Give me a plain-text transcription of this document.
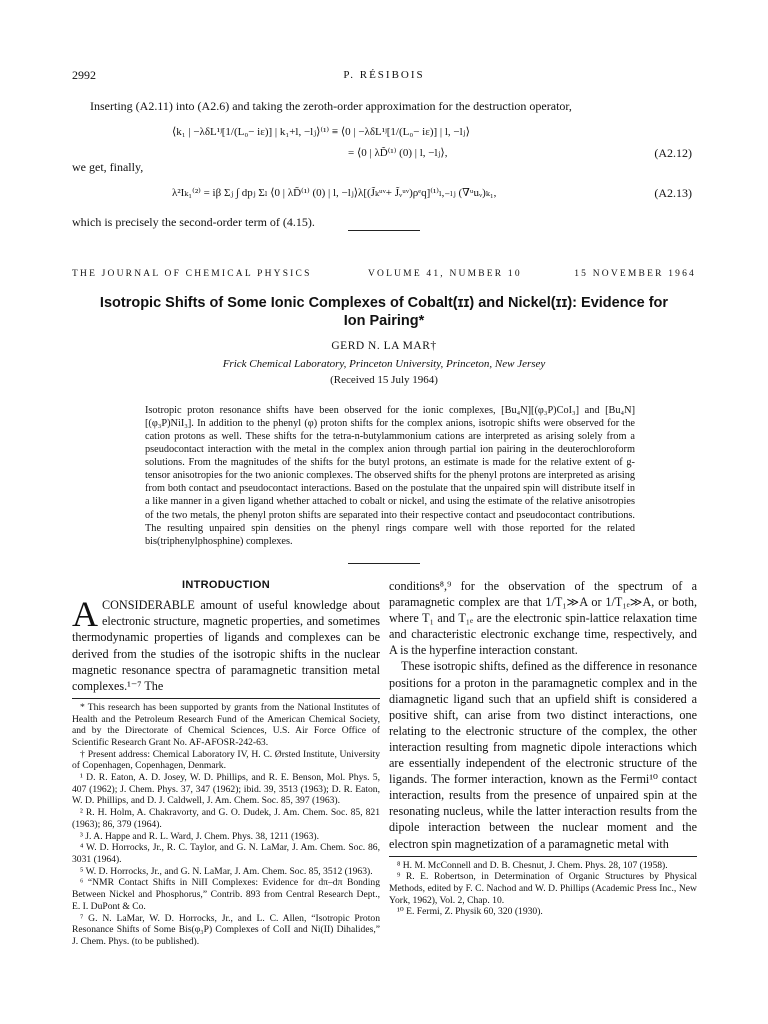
2992	P. RÉSIBOIS
Inserting (A2.11) into (A2.6) and taking the zeroth-order approximation for the destruction operator,
⟨k₁ | −λδL¹ʲ[1/(L₀− iε)] | k₁+l, −lⱼ⟩⁽¹⁾ ≡ ⟨0 | −λδL¹ʲ[1/(L₀− iε)] | l, −lⱼ⟩
= ⟨0 | λD̃⁽¹⁾ (0) | l, −lⱼ⟩,	(A2.12)
we get, finally,
λ²Iₖ₁⁽²⁾ = iβ Σⱼ ∫ dpⱼ Σₗ ⟨0 | λD̃⁽¹⁾ (0) | l, −lⱼ⟩λ[(J̃ₖᵘᵛ+ J̃ᵥᵘᵛ)ρᵉq]⁽¹⁾ₗ,₋ₗⱼ (∇ᵘuᵥ)ₖ₁,	(A2.13)
which is precisely the second-order term of (4.15).
THE JOURNAL OF CHEMICAL PHYSICS	VOLUME 41, NUMBER 10	15 NOVEMBER 1964
Isotropic Shifts of Some Ionic Complexes of Cobalt(ɪɪ) and Nickel(ɪɪ): Evidence for Ion Pairing*
GERD N. LA MAR†
Frick Chemical Laboratory, Princeton University, Princeton, New Jersey
(Received 15 July 1964)
Isotropic proton resonance shifts have been observed for the ionic complexes, [Bu₄N][(φ₃P)CoI₃] and [Bu₄N][(φ₃P)NiI₃]. In addition to the phenyl (φ) proton shifts for the complex anions, isotropic shifts were observed for the cation protons as well. These shifts for the tetra-n-butylammonium cations are interpreted as arising solely from a pseudocontact interaction with the metal in the complex anion through partial ion pairing in the deuterochloroform solutions. From the magnitudes of the shifts for the butyl protons, an estimate is made for the relative extent of g-tensor anisotropies for the two anionic complexes. The observed shifts for the phenyl protons are interpreted as arising from both contact and pseudocontact interactions. Based on the postulate that the unpaired spin will distribute itself in a like manner in a given ligand whether attached to cobalt or nickel, and using the estimate of the relative anisotropies of the two metals, the phenyl proton shifts are separated into their respective contact and pseudocontact contributions. The resulting unpaired spin densities on the phenyl rings compare well with those reported for the related bis(triphenylphosphine) complexes.
INTRODUCTION

ACONSIDERABLE amount of useful knowledge about electronic structure, magnetic properties, and sometimes thermodynamic properties of ligands and complexes can be derived from the studies of the isotropic shifts in the nuclear magnetic resonance spectra of paramagnetic transition metal complexes.¹⁻⁷ The

* This research has been supported by grants from the National Institutes of Health and the Petroleum Research Fund of the American Chemical Society, and by the Directorate of Chemical Sciences, U.S. Air Force Office of Scientific Research Grant No. AF-AFOSR-242-63.
† Present address: Chemical Laboratory IV, H. C. Ørsted Institute, University of Copenhagen, Copenhagen, Denmark.
¹ D. R. Eaton, A. D. Josey, W. D. Phillips, and R. E. Benson, Mol. Phys. 5, 407 (1962); J. Chem. Phys. 37, 347 (1962); ibid. 39, 3513 (1963); D. R. Eaton, W. D. Phillips, and D. J. Caldwell, J. Am. Chem. Soc. 85, 397 (1963).
² R. H. Holm, A. Chakravorty, and G. O. Dudek, J. Am. Chem. Soc. 85, 821 (1963); 86, 379 (1964).
³ J. A. Happe and R. L. Ward, J. Chem. Phys. 38, 1211 (1963).
⁴ W. D. Horrocks, Jr., R. C. Taylor, and G. N. LaMar, J. Am. Chem. Soc. 86, 3031 (1964).
⁵ W. D. Horrocks, Jr., and G. N. LaMar, J. Am. Chem. Soc. 85, 3512 (1963).
⁶ “NMR Contact Shifts in NiII Complexes: Evidence for dπ–dπ Bonding Between Nickel and Phosphorus,” Contrib. 893 from Central Research Dept., E. I. DuPont & Co.
⁷ G. N. LaMar, W. D. Horrocks, Jr., and L. C. Allen, “Isotropic Proton Resonance Shifts of Some Bis(φ₃P) Complexes of CoII and Ni(II) Dihalides,” J. Chem. Phys. (to be published).

conditions⁸,⁹ for the observation of the spectrum of a paramagnetic complex are that 1/T₁≫A or 1/T₁ₑ≫A, or both, where T₁ and T₁ₑ are the electronic spin-lattice relaxation time and characteristic electronic exchange time, respectively, and A is the hyperfine interaction constant.

These isotropic shifts, defined as the difference in resonance positions for a proton in the paramagnetic complex and in the diamagnetic ligand such that an upfield shift is considered a positive shift, can arise from two distinct interactions, one relating to the electronic structure of the complex, the other interaction resulting from magnetic dipole interactions which are essentially independent of the electronic structure of the ligands. The former interaction, known as the Fermi¹⁰ contact interaction, results from the presence of unpaired spin at the resonating nucleus, while the latter interaction results from the dipole interaction between the nuclear moment and the electron spin magnetization of a paramagnetic metal with

⁸ H. M. McConnell and D. B. Chesnut, J. Chem. Phys. 28, 107 (1958).
⁹ R. E. Robertson, in Determination of Organic Structures by Physical Methods, edited by F. C. Nachod and W. D. Phillips (Academic Press Inc., New York, 1962), Vol. 2, Chap. 10.
¹⁰ E. Fermi, Z. Physik 60, 320 (1930).
